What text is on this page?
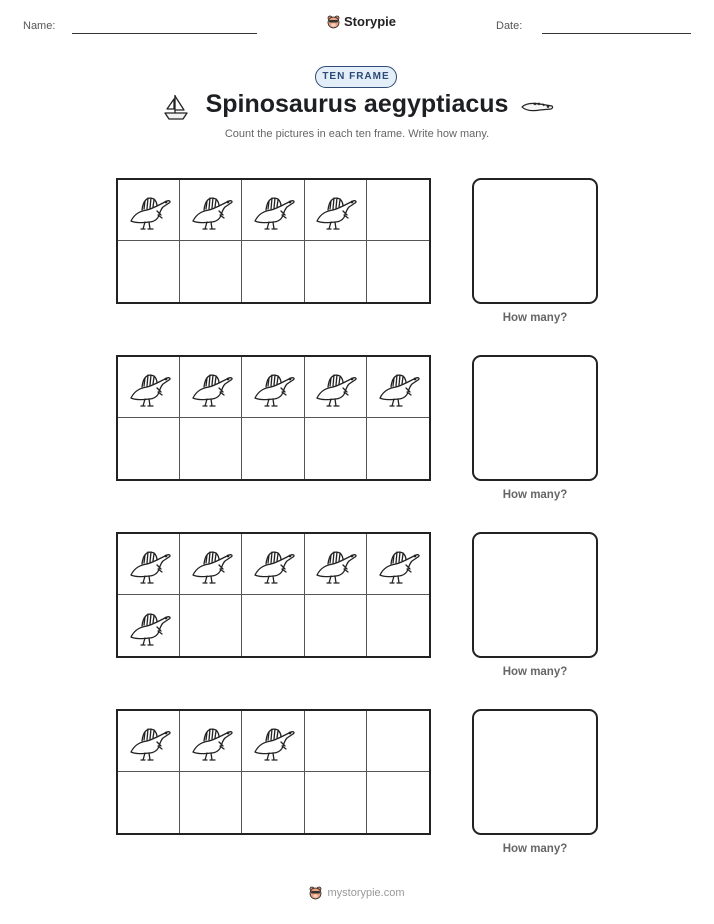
Name:	Storypie	Date:
TEN FRAME
Spinosaurus aegyptiacus
Count the pictures in each ten frame. Write how many.
How many?
How many?
How many?
How many?
mystorypie.com
